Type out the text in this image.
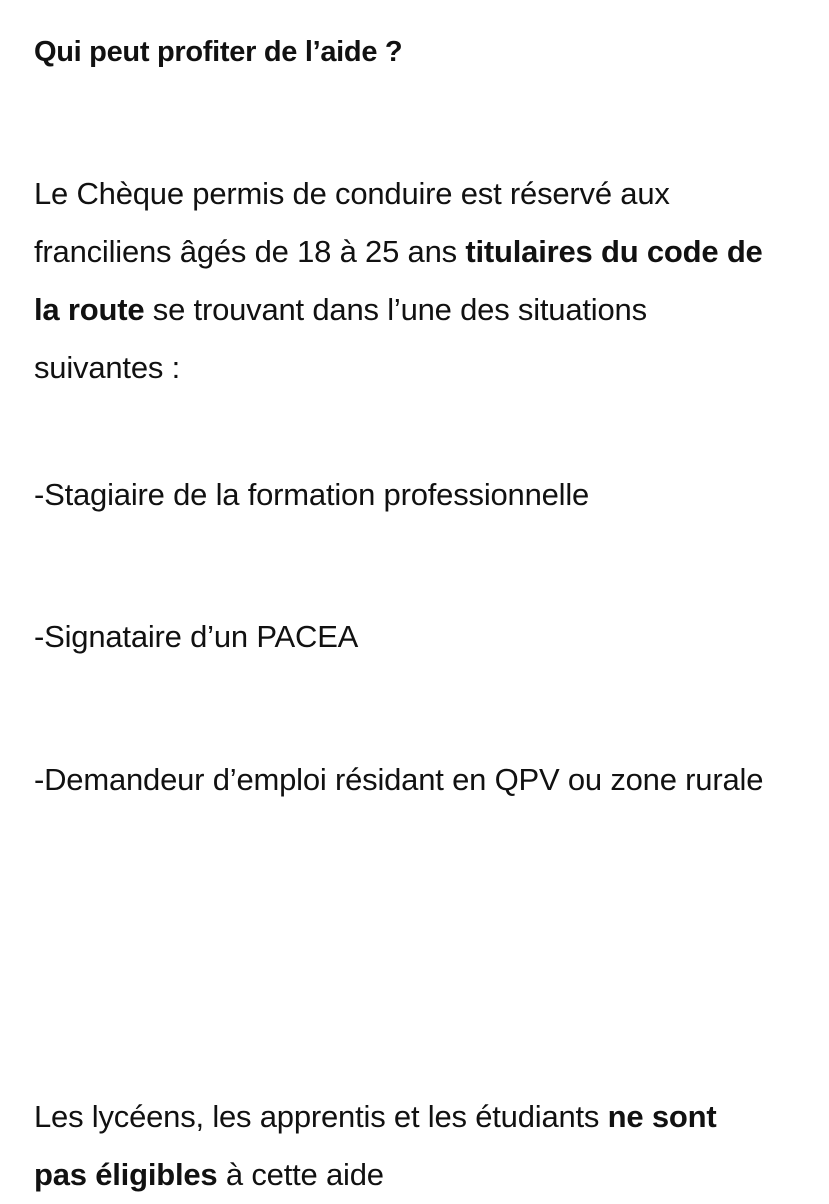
Qui peut profiter de l’aide ?

Le Chèque permis de conduire est réservé aux franciliens âgés de 18 à 25 ans titulaires du code de la route se trouvant dans l’une des situations suivantes :

-Stagiaire de la formation professionnelle

-Signataire d’un PACEA

-Demandeur d’emploi résidant en QPV ou zone rurale

Les lycéens, les apprentis et les étudiants ne sont pas éligibles à cette aide
